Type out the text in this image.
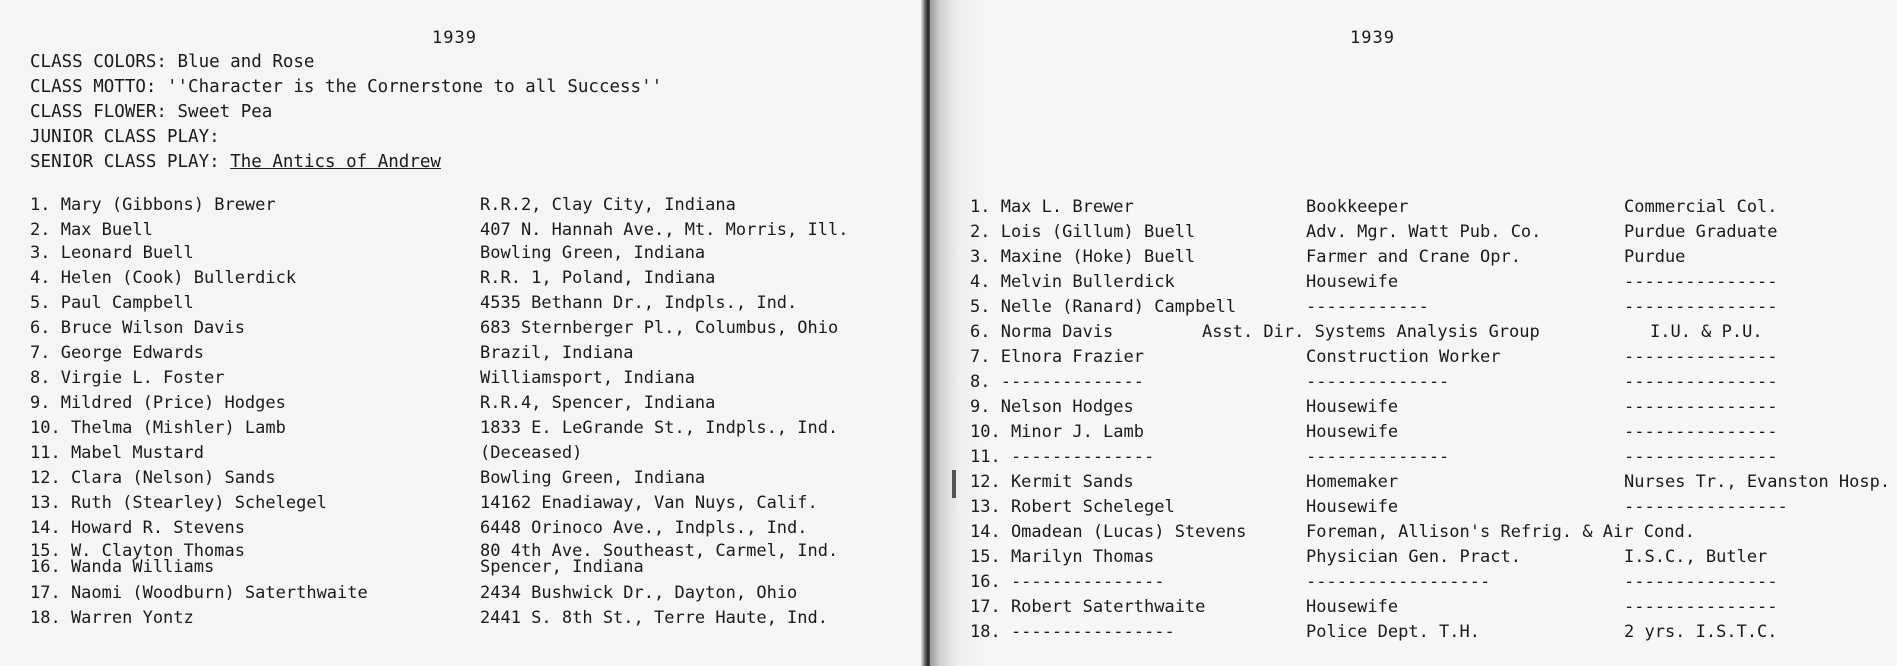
1939
CLASS COLORS: Blue and Rose
CLASS MOTTO: ''Character is the Cornerstone to all Success''
CLASS FLOWER: Sweet Pea
JUNIOR CLASS PLAY:
SENIOR CLASS PLAY: The Antics of Andrew
1. Mary (Gibbons) Brewer	R.R.2, Clay City, Indiana
2. Max Buell	407 N. Hannah Ave., Mt. Morris, Ill.
3. Leonard Buell	Bowling Green, Indiana
4. Helen (Cook) Bullerdick	R.R. 1, Poland, Indiana
5. Paul Campbell	4535 Bethann Dr., Indpls., Ind.
6. Bruce Wilson Davis	683 Sternberger Pl., Columbus, Ohio
7. George Edwards	Brazil, Indiana
8. Virgie L. Foster	Williamsport, Indiana
9. Mildred (Price) Hodges	R.R.4, Spencer, Indiana
10. Thelma (Mishler) Lamb	1833 E. LeGrande St., Indpls., Ind.
11. Mabel Mustard	(Deceased)
12. Clara (Nelson) Sands	Bowling Green, Indiana
13. Ruth (Stearley) Schelegel	14162 Enadiaway, Van Nuys, Calif.
14. Howard R. Stevens	6448 Orinoco Ave., Indpls., Ind.
15. W. Clayton Thomas	80 4th Ave. Southeast, Carmel, Ind.
16. Wanda Williams	Spencer, Indiana
17. Naomi (Woodburn) Saterthwaite	2434 Bushwick Dr., Dayton, Ohio
18. Warren Yontz	2441 S. 8th St., Terre Haute, Ind.
1939
1. Max L. Brewer	Bookkeeper	Commercial Col.
2. Lois (Gillum) Buell	Adv. Mgr. Watt Pub. Co.	Purdue Graduate
3. Maxine (Hoke) Buell	Farmer and Crane Opr.	Purdue
4. Melvin Bullerdick	Housewife	---------------
5. Nelle (Ranard) Campbell	------------	---------------
6. Norma Davis	Asst. Dir. Systems Analysis Group	I.U. & P.U.
7. Elnora Frazier	Construction Worker	---------------
8. --------------	--------------	---------------
9. Nelson Hodges	Housewife	---------------
10. Minor J. Lamb	Housewife	---------------
11. --------------	--------------	---------------
12. Kermit Sands	Homemaker	Nurses Tr., Evanston Hosp.
13. Robert Schelegel	Housewife	----------------
14. Omadean (Lucas) Stevens	Foreman, Allison's Refrig. & Air Cond.
15. Marilyn Thomas	Physician Gen. Pract.	I.S.C., Butler
16. ---------------	------------------	---------------
17. Robert Saterthwaite	Housewife	---------------
18. ----------------	Police Dept. T.H.	2 yrs. I.S.T.C.
